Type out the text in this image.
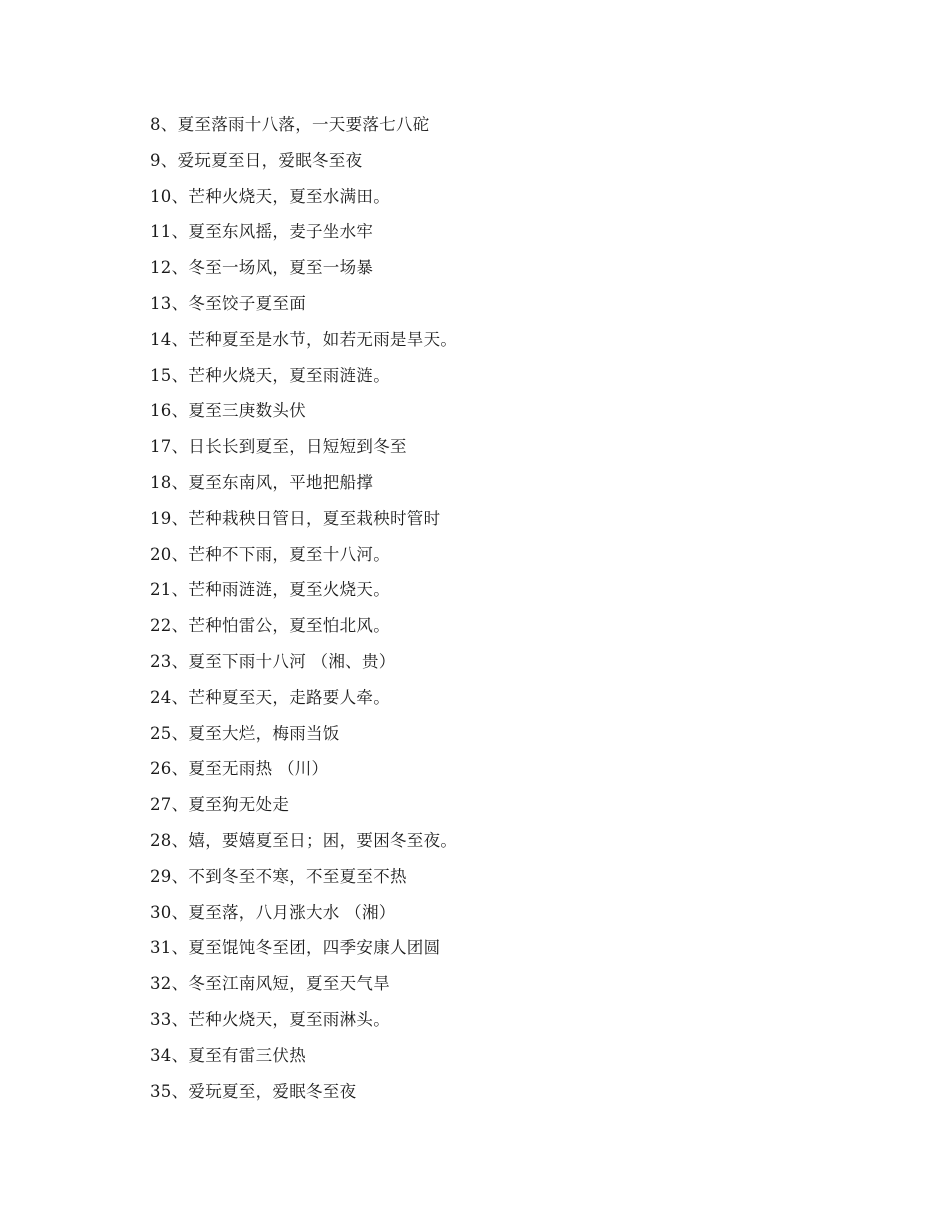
8、夏至落雨十八落，一天要落七八砣
9、爱玩夏至日，爱眠冬至夜
10、芒种火烧天，夏至水满田。
11、夏至东风摇，麦子坐水牢
12、冬至一场风，夏至一场暴
13、冬至饺子夏至面
14、芒种夏至是水节，如若无雨是旱天。
15、芒种火烧天，夏至雨涟涟。
16、夏至三庚数头伏
17、日长长到夏至，日短短到冬至
18、夏至东南风，平地把船撑
19、芒种栽秧日管日，夏至栽秧时管时
20、芒种不下雨，夏至十八河。
21、芒种雨涟涟，夏至火烧天。
22、芒种怕雷公，夏至怕北风。
23、夏至下雨十八河 （湘、贵）
24、芒种夏至天，走路要人牵。
25、夏至大烂，梅雨当饭
26、夏至无雨热 （川）
27、夏至狗无处走
28、嬉，要嬉夏至日；困，要困冬至夜。
29、不到冬至不寒，不至夏至不热
30、夏至落，八月涨大水 （湘）
31、夏至馄饨冬至团，四季安康人团圆
32、冬至江南风短，夏至天气旱
33、芒种火烧天，夏至雨淋头。
34、夏至有雷三伏热
35、爱玩夏至，爱眠冬至夜
